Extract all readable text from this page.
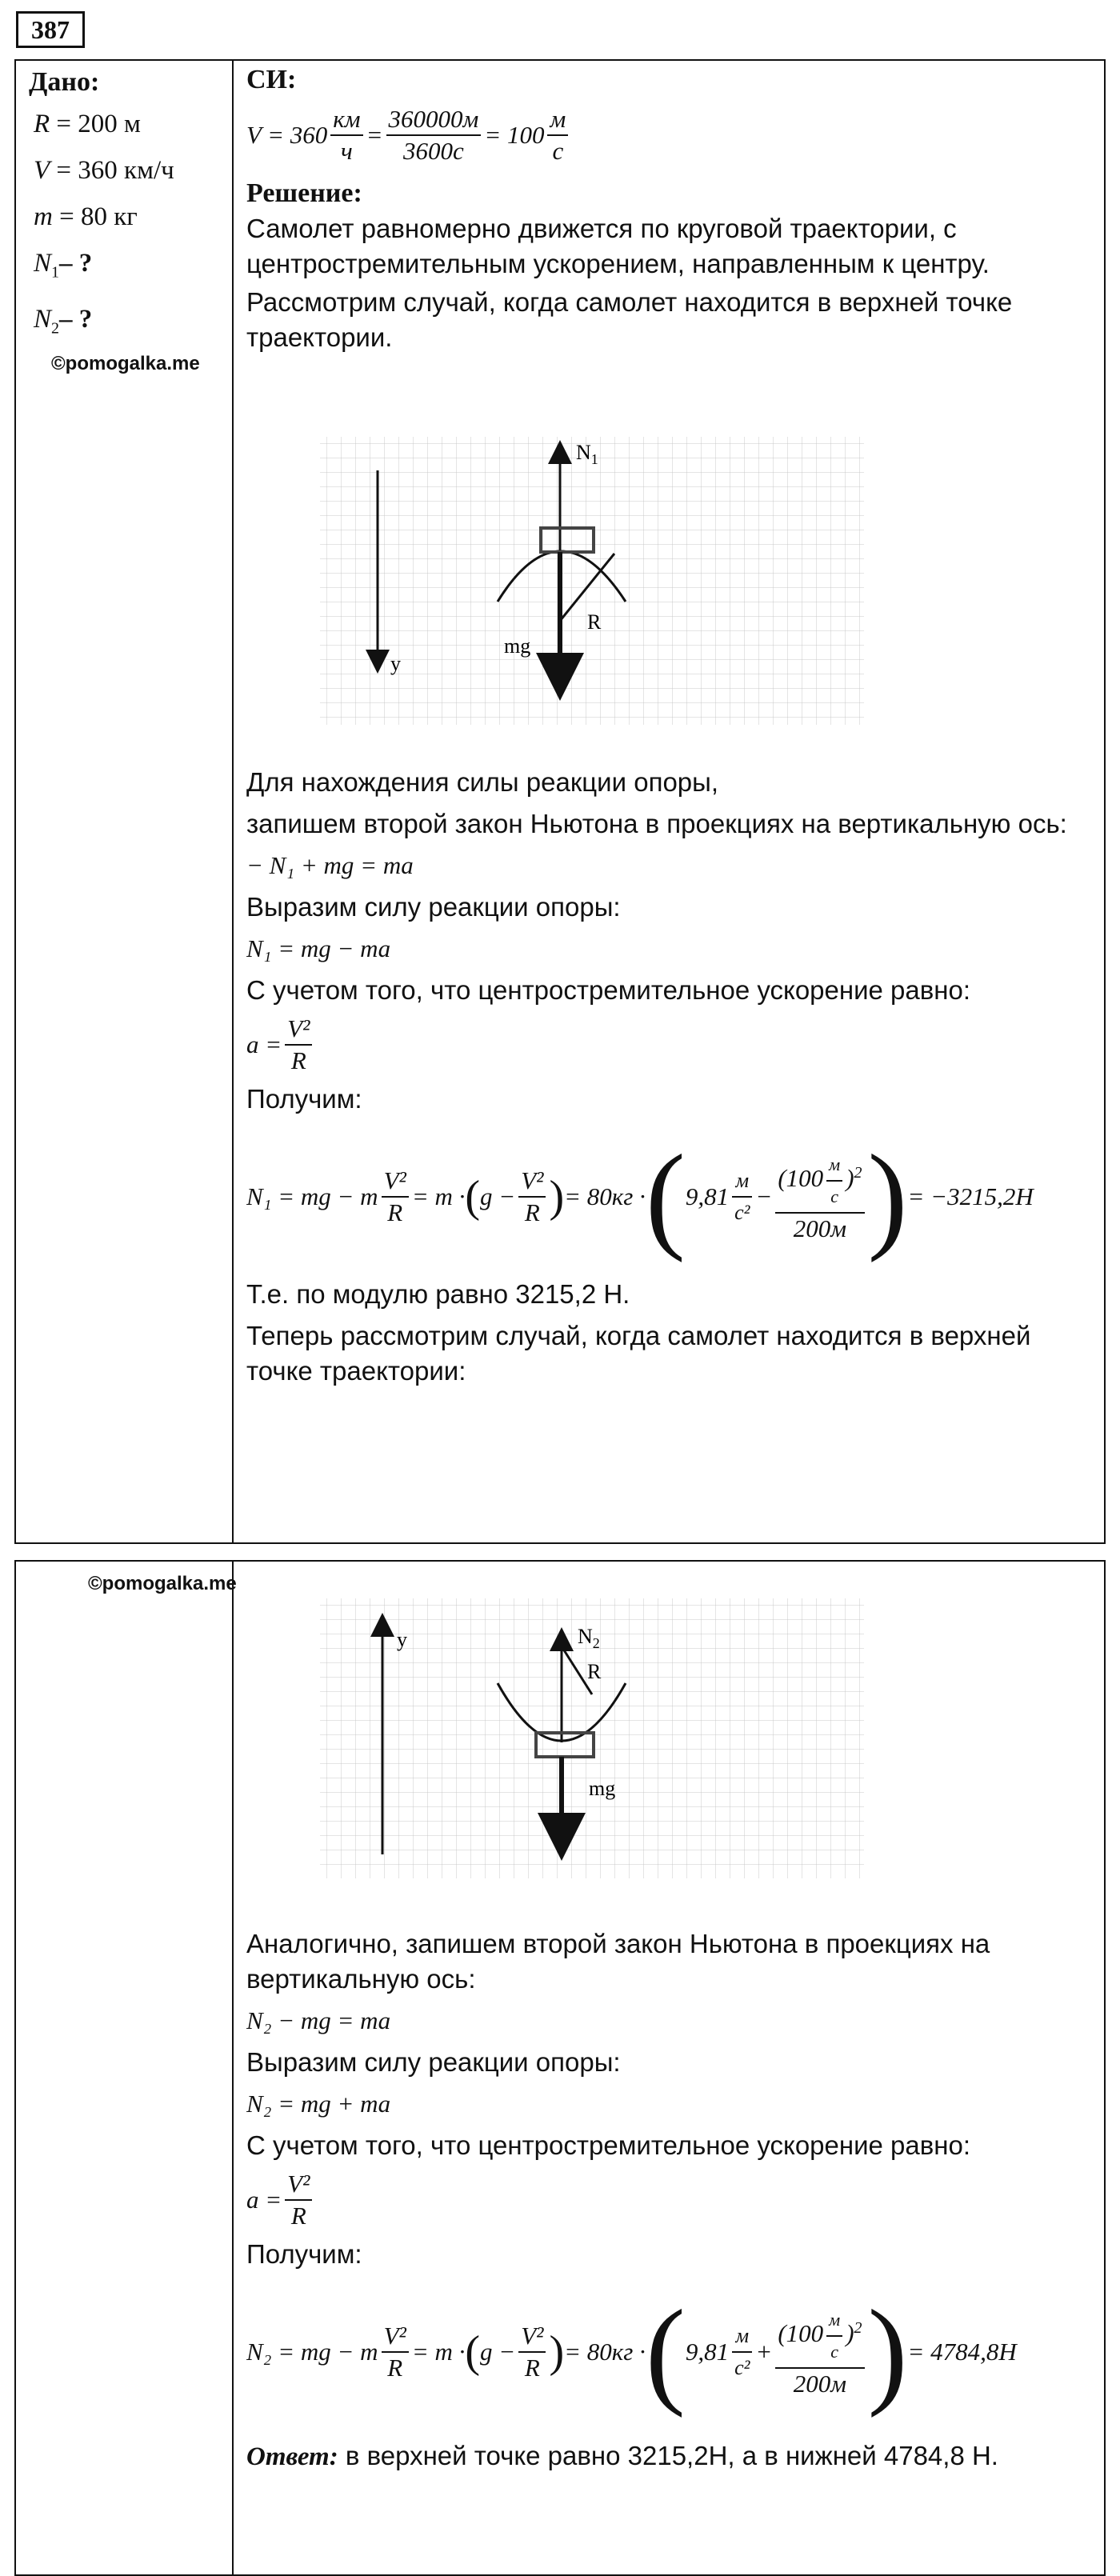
387
Дано:
R = 200 м
V = 360 км/ч
m = 80 кг
$N_1-$ ?
$N_2-$ ?
©pomogalka.me
СИ:
$V = 360 \frac{км}{ч} = \frac{360000м}{3600с} = 100 \frac{м}{с}$
Решение:

Самолет равномерно движется по круговой траектории, с центростремительным ускорением, направленным к центру.

Рассмотрим случай, когда самолет находится в верхней точке траектории.

y
$N_1$
mg
R

Для нахождения силы реакции опоры,

запишем второй закон Ньютона в проекциях на вертикальную ось:

− N₁ + mg = ma

Выразим силу реакции опоры:

N₁ = mg − ma

С учетом того, что центростремительное ускорение равно:

$a = \frac{\text{V²}}{R}$

Получим:

N₁ = mg − m $\frac{\text{V²}}{R} = m$ · ( $g - \frac{\text{V²}}{R}$ ) = 80кг · ( $9,81 \frac{м}{\text{с²}} - \frac{(100 \frac{м}{с} )^2}{200м}$ ) = −3215,2Н

Т.е. по модулю равно 3215,2 Н.

Теперь рассмотрим случай, когда самолет находится в верхней точке траектории:

©pomogalka.me
y	$N_2$
R
mg

Аналогично, запишем второй закон Ньютона в проекциях на вертикальную ось:

N₂ − mg = ma

Выразим силу реакции опоры:

N₂ = mg + ma

С учетом того, что центростремительное ускорение равно:

$a = \frac{\text{V²}}{R}$

Получим:

N₂ = mg − m $\frac{\text{V²}}{R} = m$ · ( $g - \frac{\text{V²}}{R}$ ) = 80кг · ( $9,81 \frac{м}{\text{с²}} + \frac{(100 \frac{м}{с} )^2}{200м}$ ) = 4784,8Н
Ответ: в верхней точке равно 3215,2Н, а в нижней 4784,8 Н.
